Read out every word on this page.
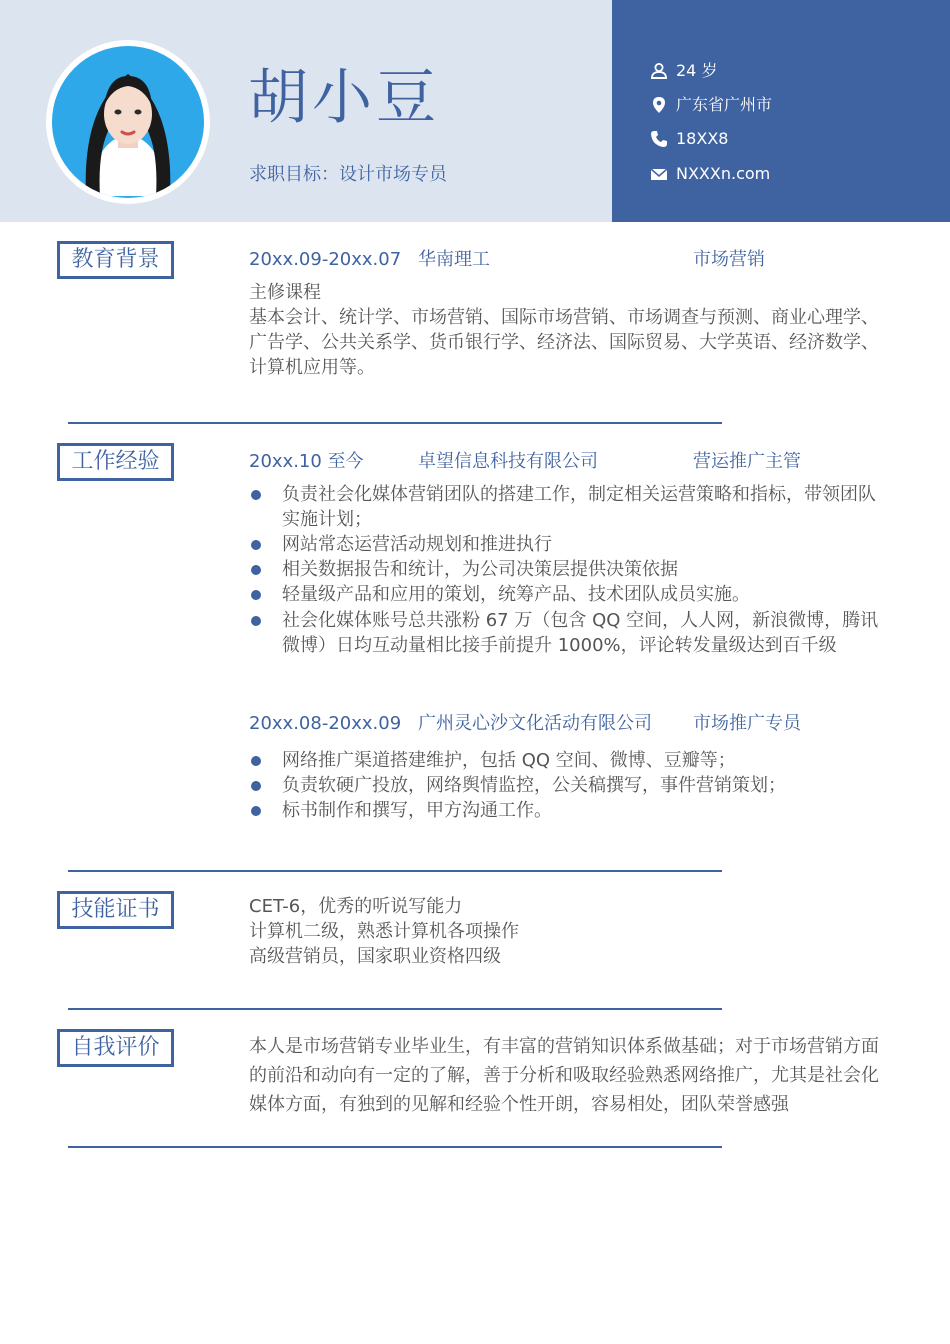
胡小豆
求职目标：设计市场专员
24 岁
广东省广州市
18XX8
NXXXn.com
教育背景	20xx.09-20xx.07 华南理工	市场营销
主修课程
基本会计、统计学、市场营销、国际市场营销、市场调查与预测、商业心理学、广告学、公共关系学、货币银行学、经济法、国际贸易、大学英语、经济数学、计算机应用等。
工作经验	20xx.10 至今	卓望信息科技有限公司	营运推广主管
负责社会化媒体营销团队的搭建工作，制定相关运营策略和指标，带领团队实施计划；
网站常态运营活动规划和推进执行
相关数据报告和统计，为公司决策层提供决策依据
轻量级产品和应用的策划，统筹产品、技术团队成员实施。
社会化媒体账号总共涨粉 67 万（包含 QQ 空间，人人网，新浪微博，腾讯微博）日均互动量相比接手前提升 1000%，评论转发量级达到百千级
20xx.08-20xx.09 广州灵心沙文化活动有限公司 市场推广专员
网络推广渠道搭建维护，包括 QQ 空间、微博、豆瓣等；
负责软硬广投放，网络舆情监控，公关稿撰写，事件营销策划；
标书制作和撰写，甲方沟通工作。
技能证书	CET-6，优秀的听说写能力
计算机二级，熟悉计算机各项操作
高级营销员，国家职业资格四级
自我评价	本人是市场营销专业毕业生，有丰富的营销知识体系做基础；对于市场营销方面的前沿和动向有一定的了解，善于分析和吸取经验熟悉网络推广，尤其是社会化媒体方面，有独到的见解和经验个性开朗，容易相处，团队荣誉感强
